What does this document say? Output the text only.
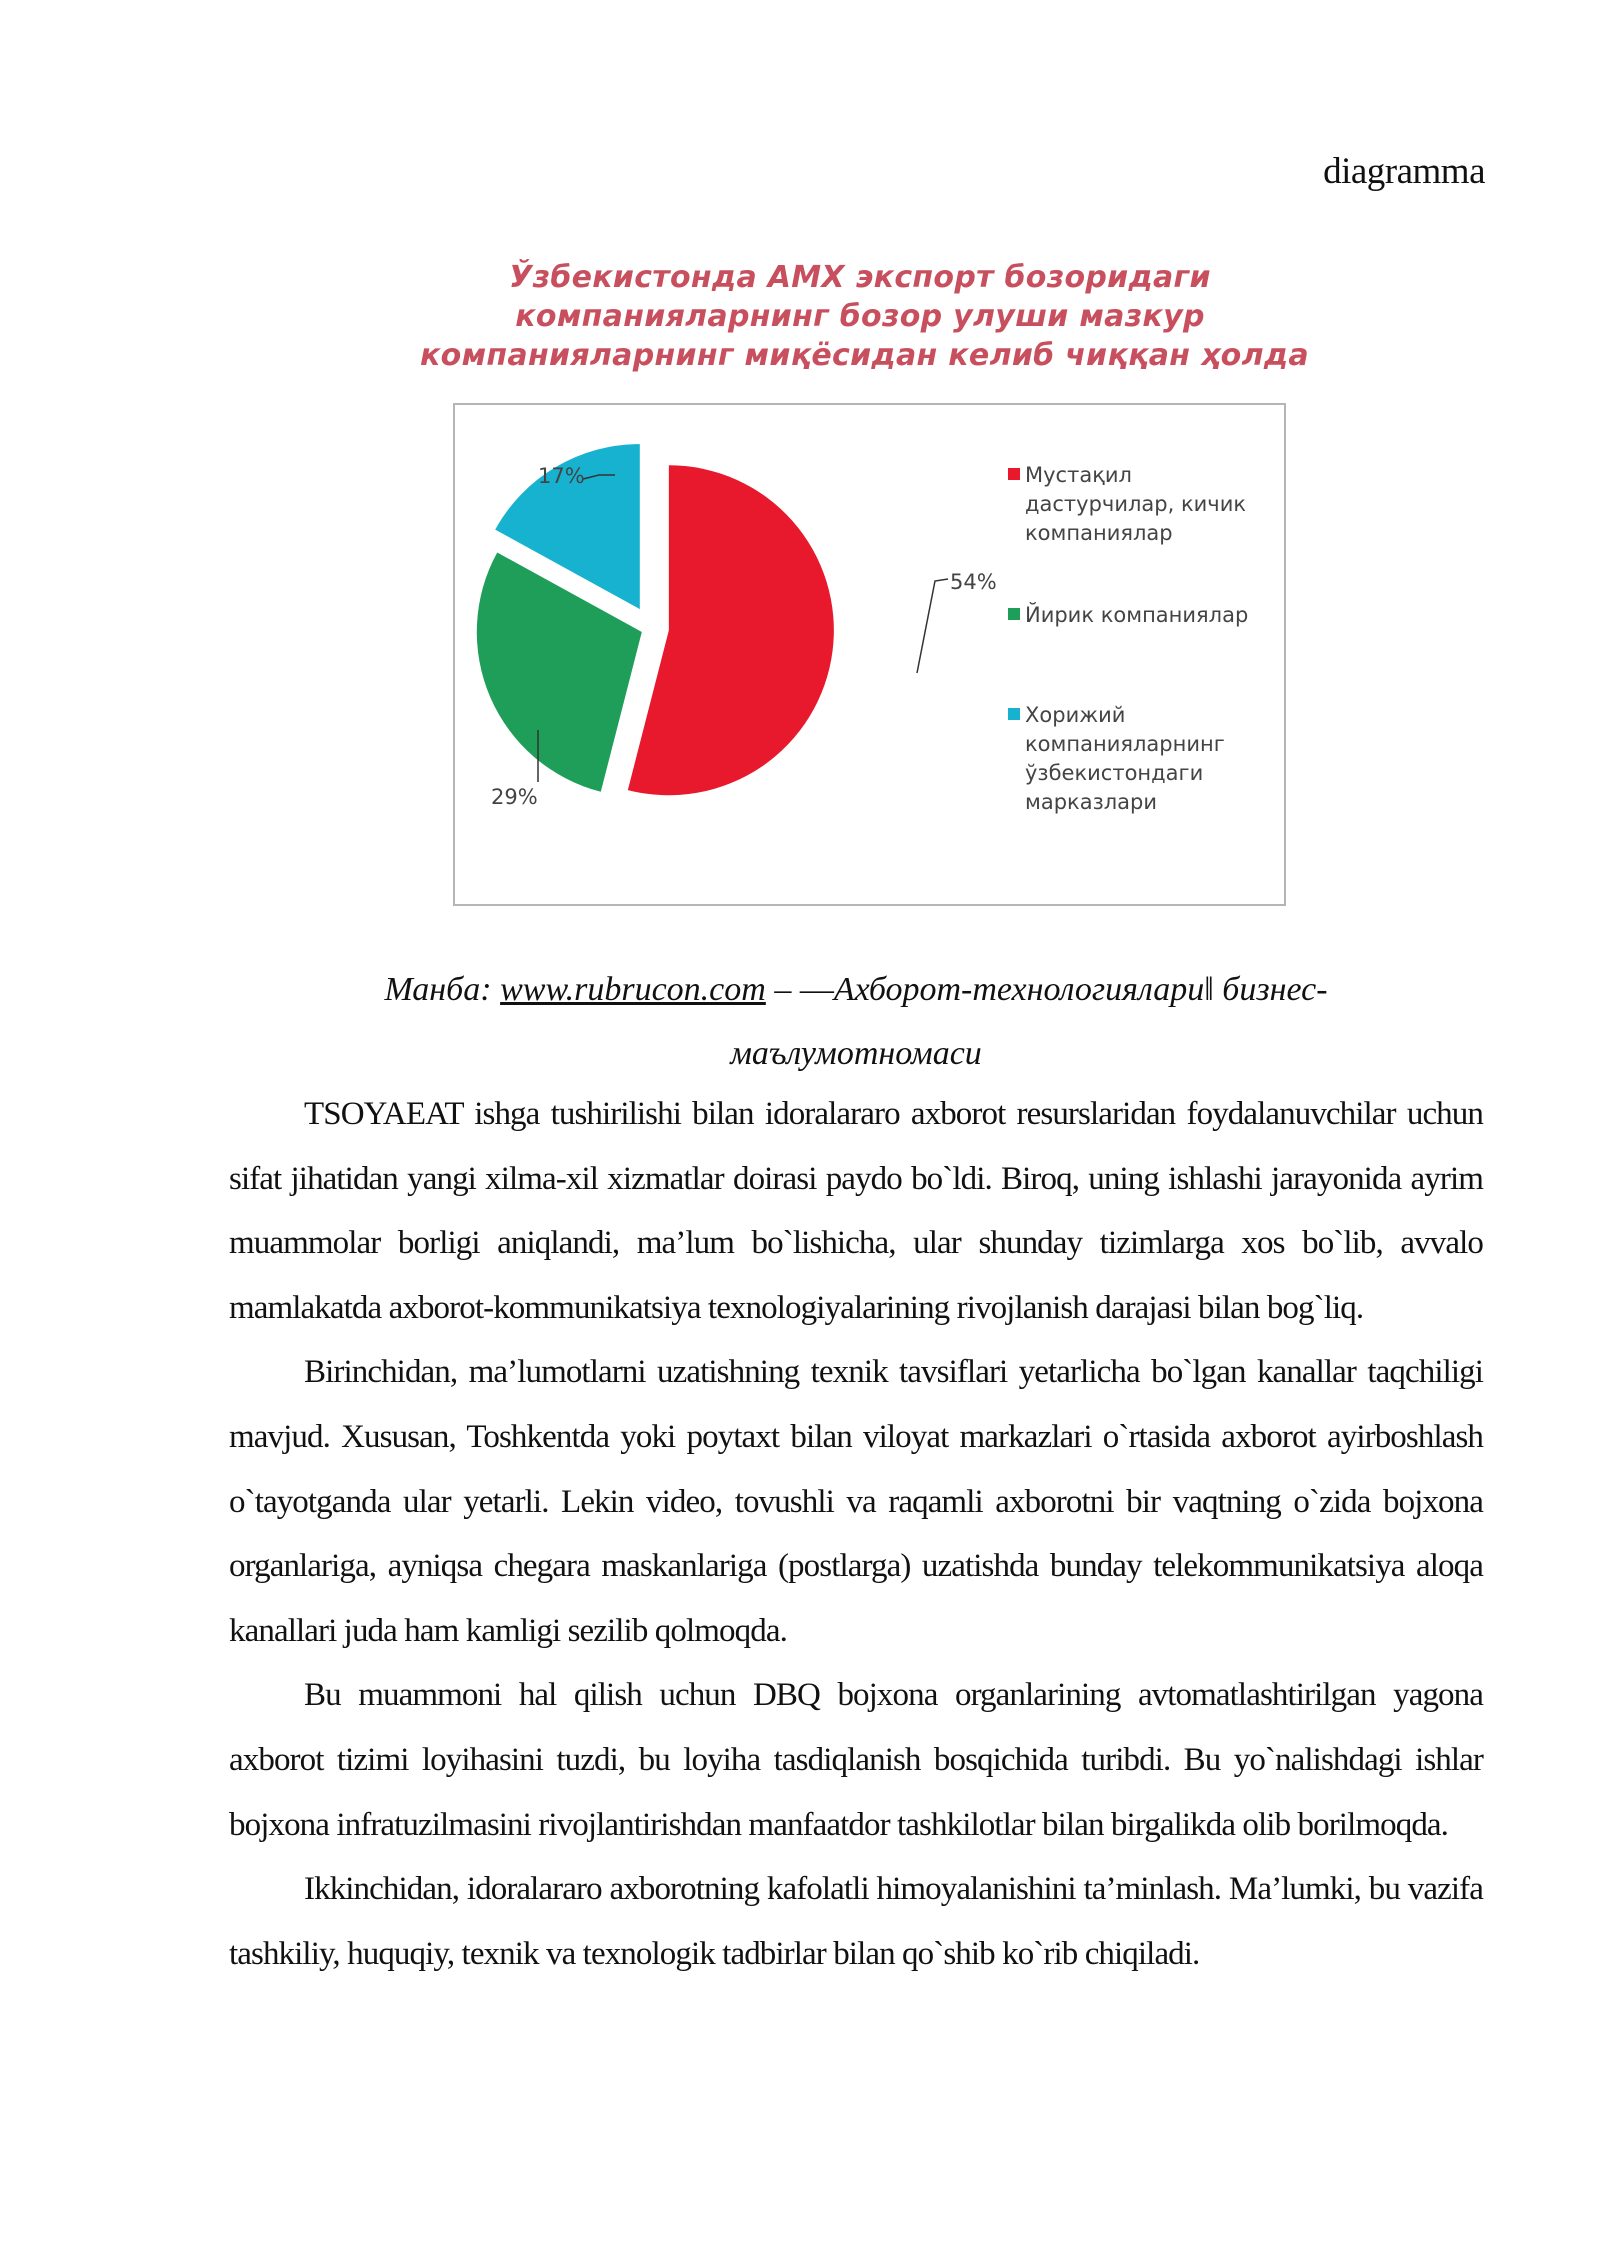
diagramma
Ўзбекистонда АМХ экспорт бозоридаги
компанияларнинг бозор улуши мазкур
компанияларнинг миқёсидан келиб чиққан ҳолда
54%
29%
17%	Мустақил
дастурчилар, кичик
компаниялар
Йирик компаниялар
Хорижий
компанияларнинг
ўзбекистондаги
марказлари
Манба: www.rubrucon.com – ―Ахборот-технологиялари‖ бизнес-
маълумотномаси

TSOYAEAT ishga tushirilishi bilan idoralararo axborot resurslaridan foydalanuvchilar uchun sifat jihatidan yangi xilma-xil xizmatlar doirasi paydo bo`ldi. Biroq, uning ishlashi jarayonida ayrim muammolar borligi aniqlandi, ma’lum bo`lishicha, ular shunday tizimlarga xos bo`lib, avvalo mamlakatda axborot-kommunikatsiya texnologiyalarining rivojlanish darajasi bilan bog`liq.

Birinchidan, ma’lumotlarni uzatishning texnik tavsiflari yetarlicha bo`lgan kanallar taqchiligi mavjud. Xususan, Toshkentda yoki poytaxt bilan viloyat markazlari o`rtasida axborot ayirboshlash o`tayotganda ular yetarli. Lekin video, tovushli va raqamli axborotni bir vaqtning o`zida bojxona organlariga, ayniqsa chegara maskanlariga (postlarga) uzatishda bunday telekommunikatsiya aloqa kanallari juda ham kamligi sezilib qolmoqda.

Bu muammoni hal qilish uchun DBQ bojxona organlarining avtomatlashtirilgan yagona axborot tizimi loyihasini tuzdi, bu loyiha tasdiqlanish bosqichida turibdi. Bu yo`nalishdagi ishlar bojxona infratuzilmasini rivojlantirishdan manfaatdor tashkilotlar bilan birgalikda olib borilmoqda.

Ikkinchidan, idoralararo axborotning kafolatli himoyalanishini ta’minlash. Ma’lumki, bu vazifa tashkiliy, huquqiy, texnik va texnologik tadbirlar bilan qo`shib ko`rib chiqiladi.
